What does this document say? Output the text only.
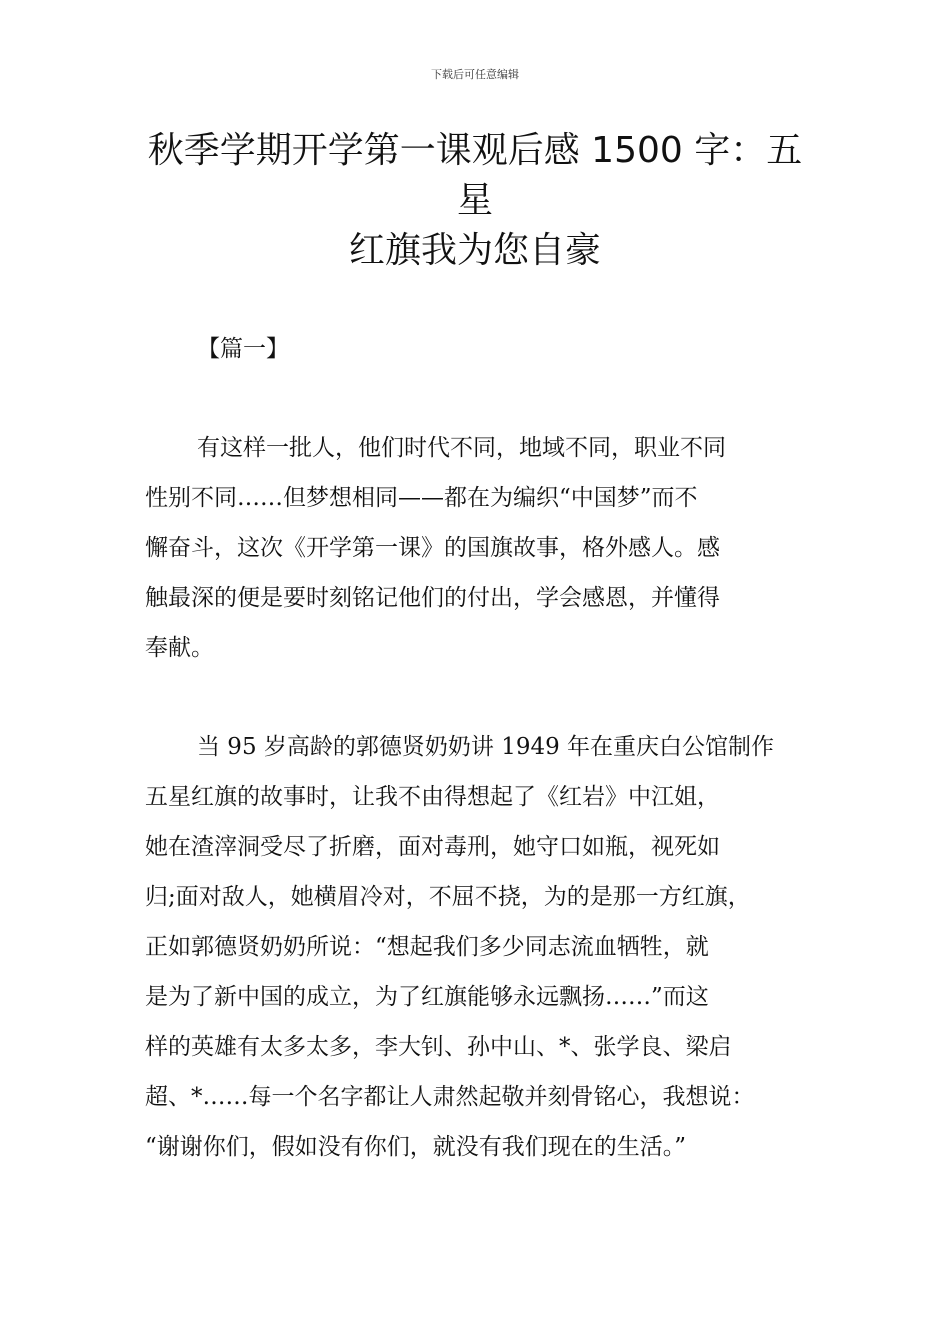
下载后可任意编辑
秋季学期开学第一课观后感 1500 字：五星
红旗我为您自豪
【篇一】
有这样一批人，他们时代不同，地域不同，职业不同
性别不同……但梦想相同——都在为编织“中国梦”而不
懈奋斗，这次《开学第一课》的国旗故事，格外感人。感
触最深的便是要时刻铭记他们的付出，学会感恩，并懂得
奉献。
当 95 岁高龄的郭德贤奶奶讲 1949 年在重庆白公馆制作
五星红旗的故事时，让我不由得想起了《红岩》中江姐，
她在渣滓洞受尽了折磨，面对毒刑，她守口如瓶，视死如
归;面对敌人，她横眉冷对，不屈不挠，为的是那一方红旗，
正如郭德贤奶奶所说：“想起我们多少同志流血牺牲，就
是为了新中国的成立，为了红旗能够永远飘扬……”而这
样的英雄有太多太多，李大钊、孙中山、*、张学良、梁启
超、*……每一个名字都让人肃然起敬并刻骨铭心，我想说：
“谢谢你们，假如没有你们，就没有我们现在的生活。”
